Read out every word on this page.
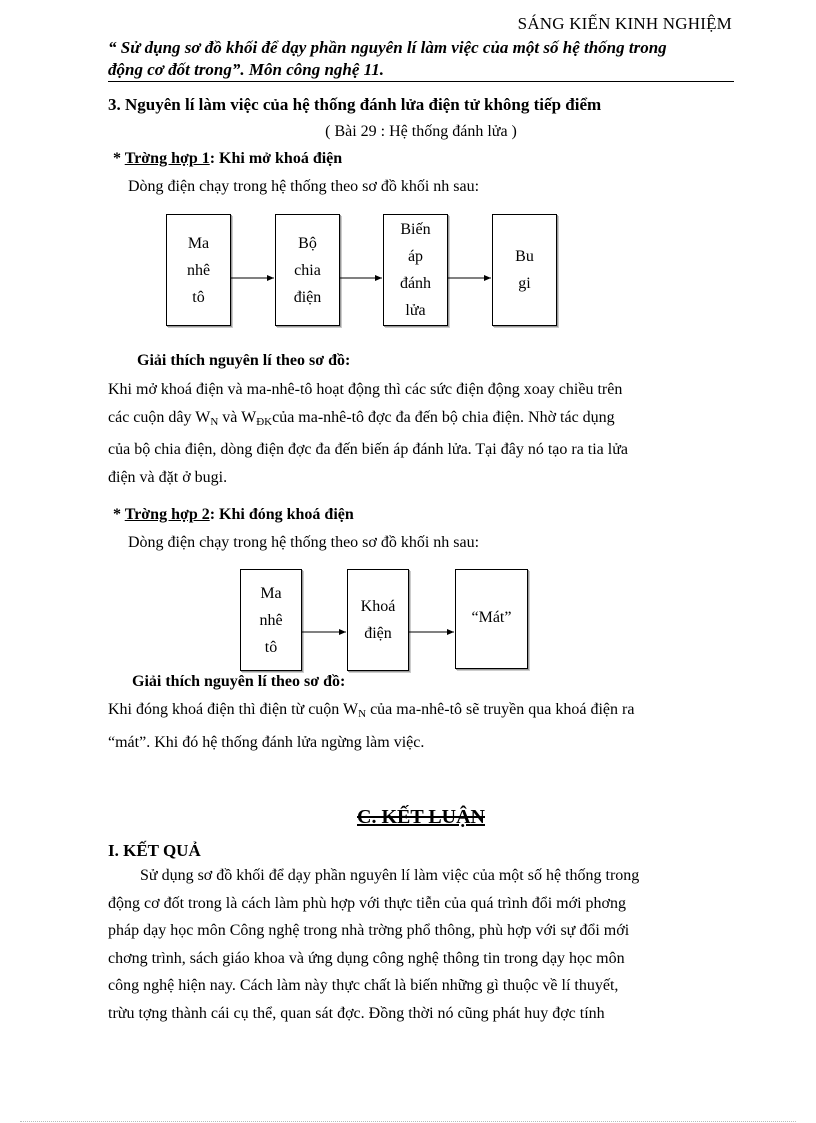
SÁNG KIẾN KINH NGHIỆM
“ Sử dụng sơ đồ khối để dạy phần nguyên lí làm việc của một số hệ thống trong
động cơ đốt trong”. Môn công nghệ 11.
3. Nguyên lí làm việc của hệ thống đánh lửa điện tử không tiếp điểm
( Bài 29 : Hệ thống đánh lửa )
* Trờng hợp 1: Khi mở khoá điện
Dòng điện chạy trong hệ thống theo sơ đồ khối nh sau:
Ma
nhê
tô
Bộ
chia
điện
Biến
áp
đánh
lửa
Bu
gi
Giải thích nguyên lí theo sơ đồ:

Khi mở khoá điện và ma-nhê-tô hoạt động thì các sức điện động xoay chiều trên

các cuộn dây $W_N$ và $W_{ĐK}của$ ma-nhê-tô đợc đa đến bộ chia điện. Nhờ tác dụng

của bộ chia điện, dòng điện đợc đa đến biến áp đánh lửa. Tại đây nó tạo ra tia lửa

điện và đặt ở bugi.

* Trờng hợp 2: Khi đóng khoá điện
Dòng điện chạy trong hệ thống theo sơ đồ khối nh sau:
Ma
nhê
tô
Khoá
điện
“Mát”
Giải thích nguyên lí theo sơ đồ:

Khi đóng khoá điện thì điện từ cuộn $W_N$ của ma-nhê-tô sẽ truyền qua khoá điện ra

“mát”. Khi đó hệ thống đánh lửa ngừng làm việc.

C. KẾT LUẬN
I. KẾT QUẢ

Sử dụng sơ đồ khối để dạy phần nguyên lí làm việc của một số hệ thống trong

động cơ đốt trong là cách làm phù hợp với thực tiễn của quá trình đổi mới phơng

pháp dạy học môn Công nghệ trong nhà trờng phổ thông, phù hợp với sự đổi mới

chơng trình, sách giáo khoa và ứng dụng công nghệ thông tin trong dạy học môn

công nghệ hiện nay. Cách làm này thực chất là biến những gì thuộc về lí thuyết,

trừu tợng thành cái cụ thể, quan sát đợc. Đồng thời nó cũng phát huy đợc tính
